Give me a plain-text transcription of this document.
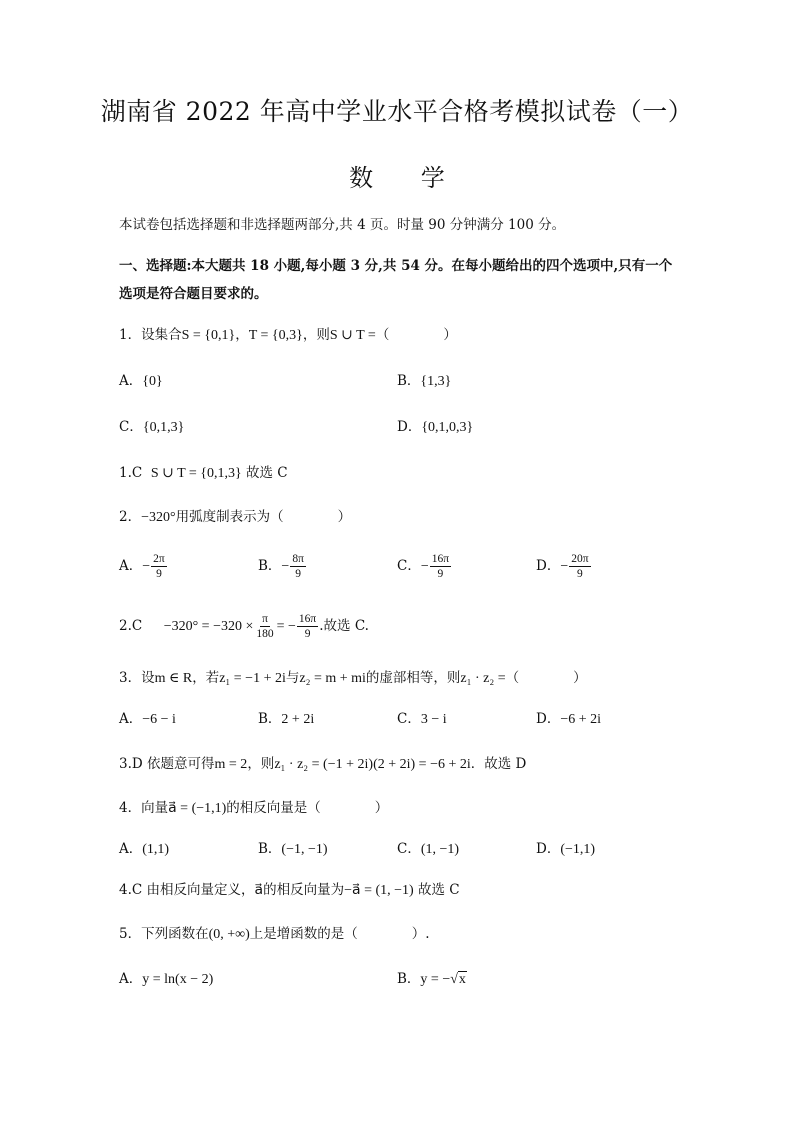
湖南省 2022 年高中学业水平合格考模拟试卷（一）
数 学
本试卷包括选择题和非选择题两部分,共 4 页。时量 90 分钟满分 100 分。
一、选择题:本大题共 18 小题,每小题 3 分,共 54 分。在每小题给出的四个选项中,只有一个
选项是符合题目要求的。
1．设集合S = {0,1}，T = {0,3}，则S ∪ T =（　　　　）
A．{0}	B．{1,3}
C．{0,1,3}	D．{0,1,0,3}
1.C S ∪ T = {0,1,3} 故选 C
2．−320°用弧度制表示为（　　　　）
A．− $\frac{2\pi}{9}$	B．− $\frac{8\pi}{9}$	C．− $\frac{16\pi}{9}$	D．− $\frac{20\pi}{9}$
$2.C -320^\circ = -320 \times \frac{\pi}{180}$ = − $\frac{16\pi}{9}$ .故选 C.
3．设m ∈ R，若z₁ = −1 + 2i与z₂ = m + mi的虚部相等，则z₁ · z₂ =（　　　　）
A．−6 − i	B．2 + 2i	C．3 − i	D．−6 + 2i
3.D 依题意可得m = 2，则z₁ · z₂ = (−1 + 2i)(2 + 2i) = −6 + 2i．故选 D
4．向量a⃗ = (−1,1)的相反向量是（　　　　）
A．(1,1)	B．(−1, −1)	C．(1, −1)	D．(−1,1)
4.C 由相反向量定义，a⃗的相反向量为−a⃗ = (1, −1) 故选 C
5．下列函数在(0, +∞)上是增函数的是（　　　　）.
A．y = ln(x − 2)	B．y = −√x
